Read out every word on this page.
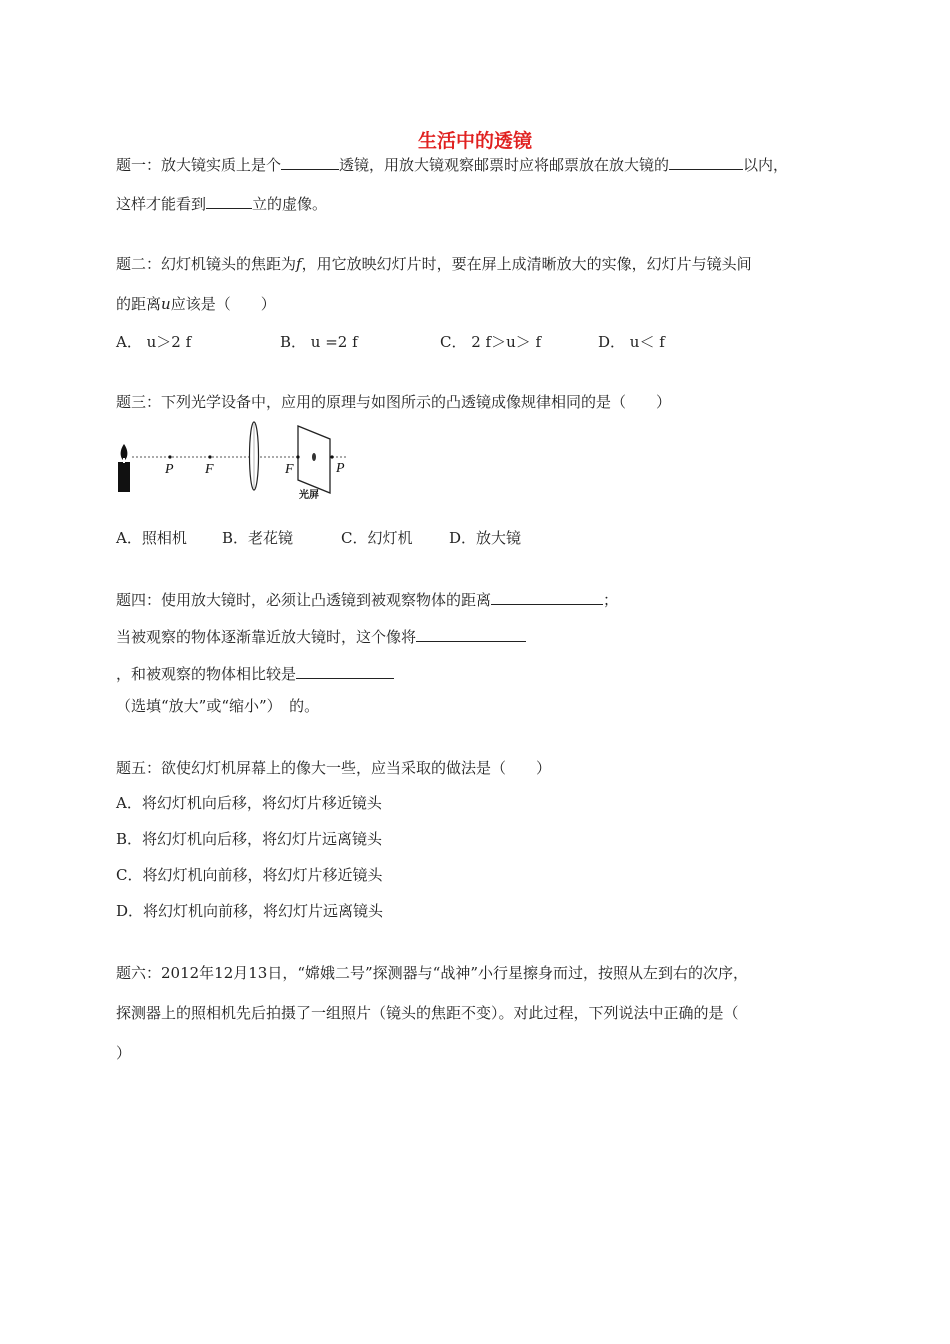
生活中的透镜
题一：放大镜实质上是个	透镜，用放大镜观察邮票时应将邮票放在放大镜的	以内，
这样才能看到	立的虚像。
题二：幻灯机镜头的焦距为f，用它放映幻灯片时，要在屏上成清晰放大的实像，幻灯片与镜头间
的距离u应该是（　　）
A． u＞2 f	B． u =2 f	C． 2 f＞u＞ f	D． u＜ f
题三：下列光学设备中，应用的原理与如图所示的凸透镜成像规律相同的是（　　）
P F	F	P
光屏
A．照相机 B．老花镜	C．幻灯机 D．放大镜
题四：使用放大镜时，必须让凸透镜到被观察物体的距离	；
当被观察的物体逐渐靠近放大镜时，这个像将
，和被观察的物体相比较是
（选填“放大”或“缩小”）　的。
题五：欲使幻灯机屏幕上的像大一些，应当采取的做法是（　　）
A．将幻灯机向后移，将幻灯片移近镜头
B．将幻灯机向后移，将幻灯片远离镜头
C．将幻灯机向前移，将幻灯片移近镜头
D．将幻灯机向前移，将幻灯片远离镜头
题六：2012年12月13日，“嫦娥二号”探测器与“战神”小行星擦身而过，按照从左到右的次序，
探测器上的照相机先后拍摄了一组照片（镜头的焦距不变）。对此过程，下列说法中正确的是（
）
